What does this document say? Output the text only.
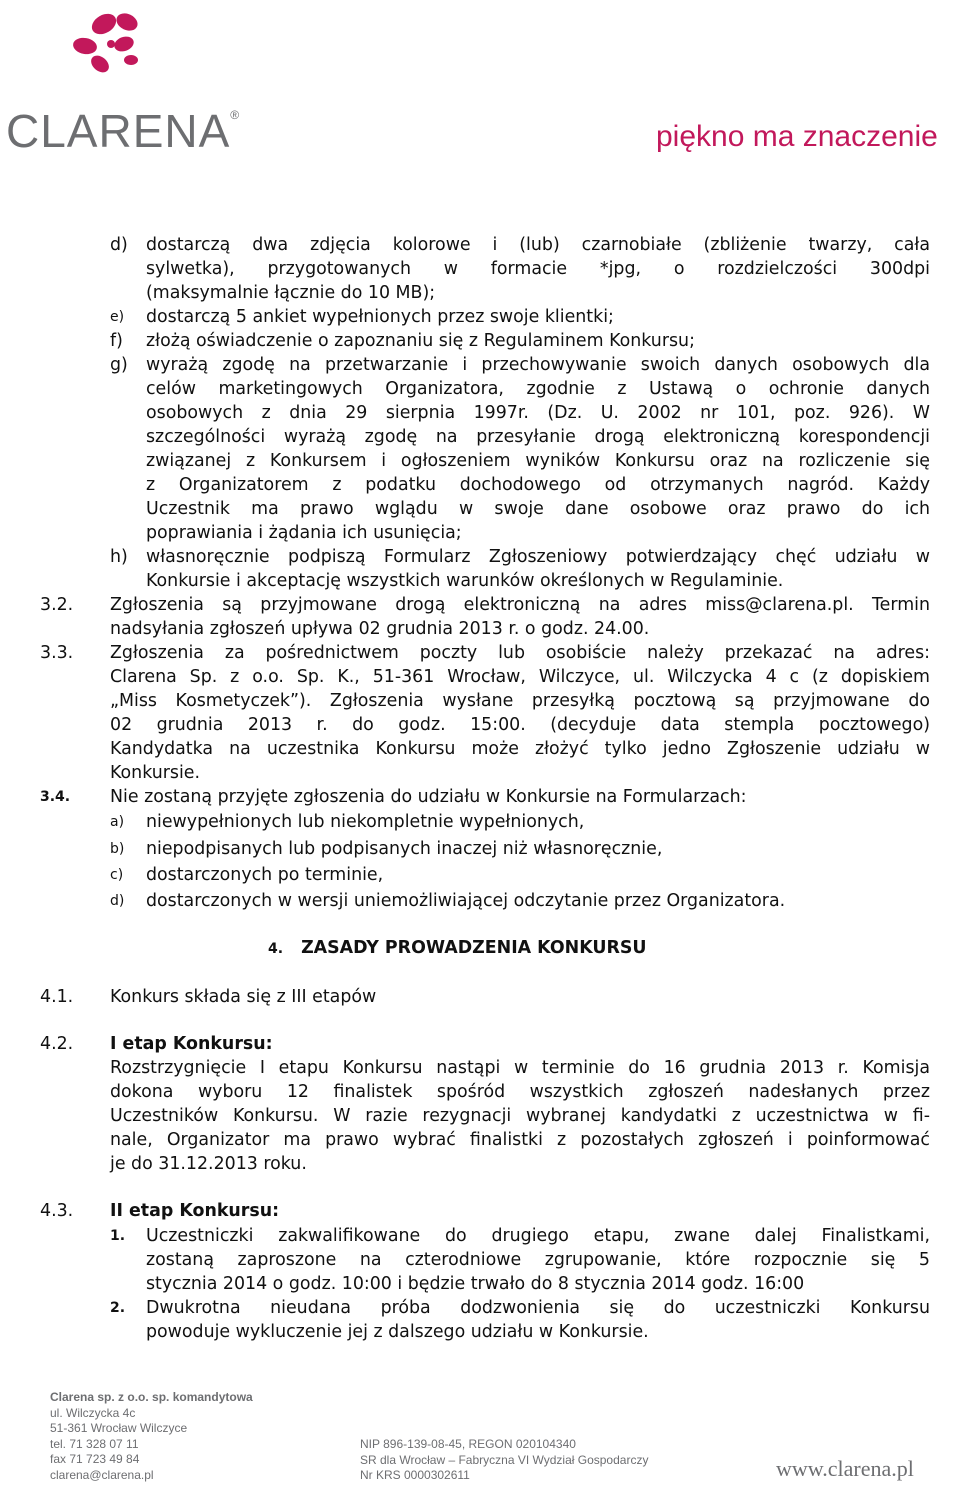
CLARENA®
piękno ma znaczenie
d) dostarczą dwa zdjęcia kolorowe i (lub) czarnobiałe (zbliżenie twarzy, cała
sylwetka), przygotowanych w formacie *jpg, o rozdzielczości 300dpi
(maksymalnie łącznie do 10 MB);
e) dostarczą 5 ankiet wypełnionych przez swoje klientki;
f) złożą oświadczenie o zapoznaniu się z Regulaminem Konkursu;
g) wyrażą zgodę na przetwarzanie i przechowywanie swoich danych osobowych dla
celów marketingowych Organizatora, zgodnie z Ustawą o ochronie danych
osobowych z dnia 29 sierpnia 1997r. (Dz. U. 2002 nr 101, poz. 926). W
szczególności wyrażą zgodę na przesyłanie drogą elektroniczną korespondencji
związanej z Konkursem i ogłoszeniem wyników Konkursu oraz na rozliczenie się
z Organizatorem z podatku dochodowego od otrzymanych nagród. Każdy
Uczestnik ma prawo wglądu w swoje dane osobowe oraz prawo do ich
poprawiania i żądania ich usunięcia;
h) własnoręcznie podpiszą Formularz Zgłoszeniowy potwierdzający chęć udziału w
Konkursie i akceptację wszystkich warunków określonych w Regulaminie.
3.2. Zgłoszenia są przyjmowane drogą elektroniczną na adres miss@clarena.pl. Termin
nadsyłania zgłoszeń upływa 02 grudnia 2013 r. o godz. 24.00.
3.3. Zgłoszenia za pośrednictwem poczty lub osobiście należy przekazać na adres:
Clarena Sp. z o.o. Sp. K., 51-361 Wrocław, Wilczyce, ul. Wilczycka 4 c (z dopiskiem
„Miss Kosmetyczek”). Zgłoszenia wysłane przesyłką pocztową są przyjmowane do
02 grudnia 2013 r. do godz. 15:00. (decyduje data stempla pocztowego)
Kandydatka na uczestnika Konkursu może złożyć tylko jedno Zgłoszenie udziału w
Konkursie.
3.4. Nie zostaną przyjęte zgłoszenia do udziału w Konkursie na Formularzach:
a) niewypełnionych lub niekompletnie wypełnionych,
b) niepodpisanych lub podpisanych inaczej niż własnoręcznie,
c) dostarczonych po terminie,
d) dostarczonych w wersji uniemożliwiającej odczytanie przez Organizatora.
4. ZASADY PROWADZENIA KONKURSU
4.1. Konkurs składa się z III etapów
4.2. I etap Konkursu:
Rozstrzygnięcie I etapu Konkursu nastąpi w terminie do 16 grudnia 2013 r. Komisja
dokona wyboru 12 finalistek spośród wszystkich zgłoszeń nadesłanych przez
Uczestników Konkursu. W razie rezygnacji wybranej kandydatki z uczestnictwa w fi-
nale, Organizator ma prawo wybrać finalistki z pozostałych zgłoszeń i poinformować
je do 31.12.2013 roku.
4.3. II etap Konkursu:
1. Uczestniczki zakwalifikowane do drugiego etapu, zwane dalej Finalistkami,
zostaną zaproszone na czterodniowe zgrupowanie, które rozpocznie się 5
stycznia 2014 o godz. 10:00 i będzie trwało do 8 stycznia 2014 godz. 16:00
2. Dwukrotna nieudana próba dodzwonienia się do uczestniczki Konkursu
powoduje wykluczenie jej z dalszego udziału w Konkursie.
Clarena sp. z o.o. sp. komandytowa
ul. Wilczycka 4c
51-361 Wrocław Wilczyce
tel. 71 328 07 11
fax 71 723 49 84
clarena@clarena.pl
NIP 896-139-08-45, REGON 020104340
SR dla Wrocław – Fabryczna VI Wydział Gospodarczy
Nr KRS 0000302611	www.clarena.pl
